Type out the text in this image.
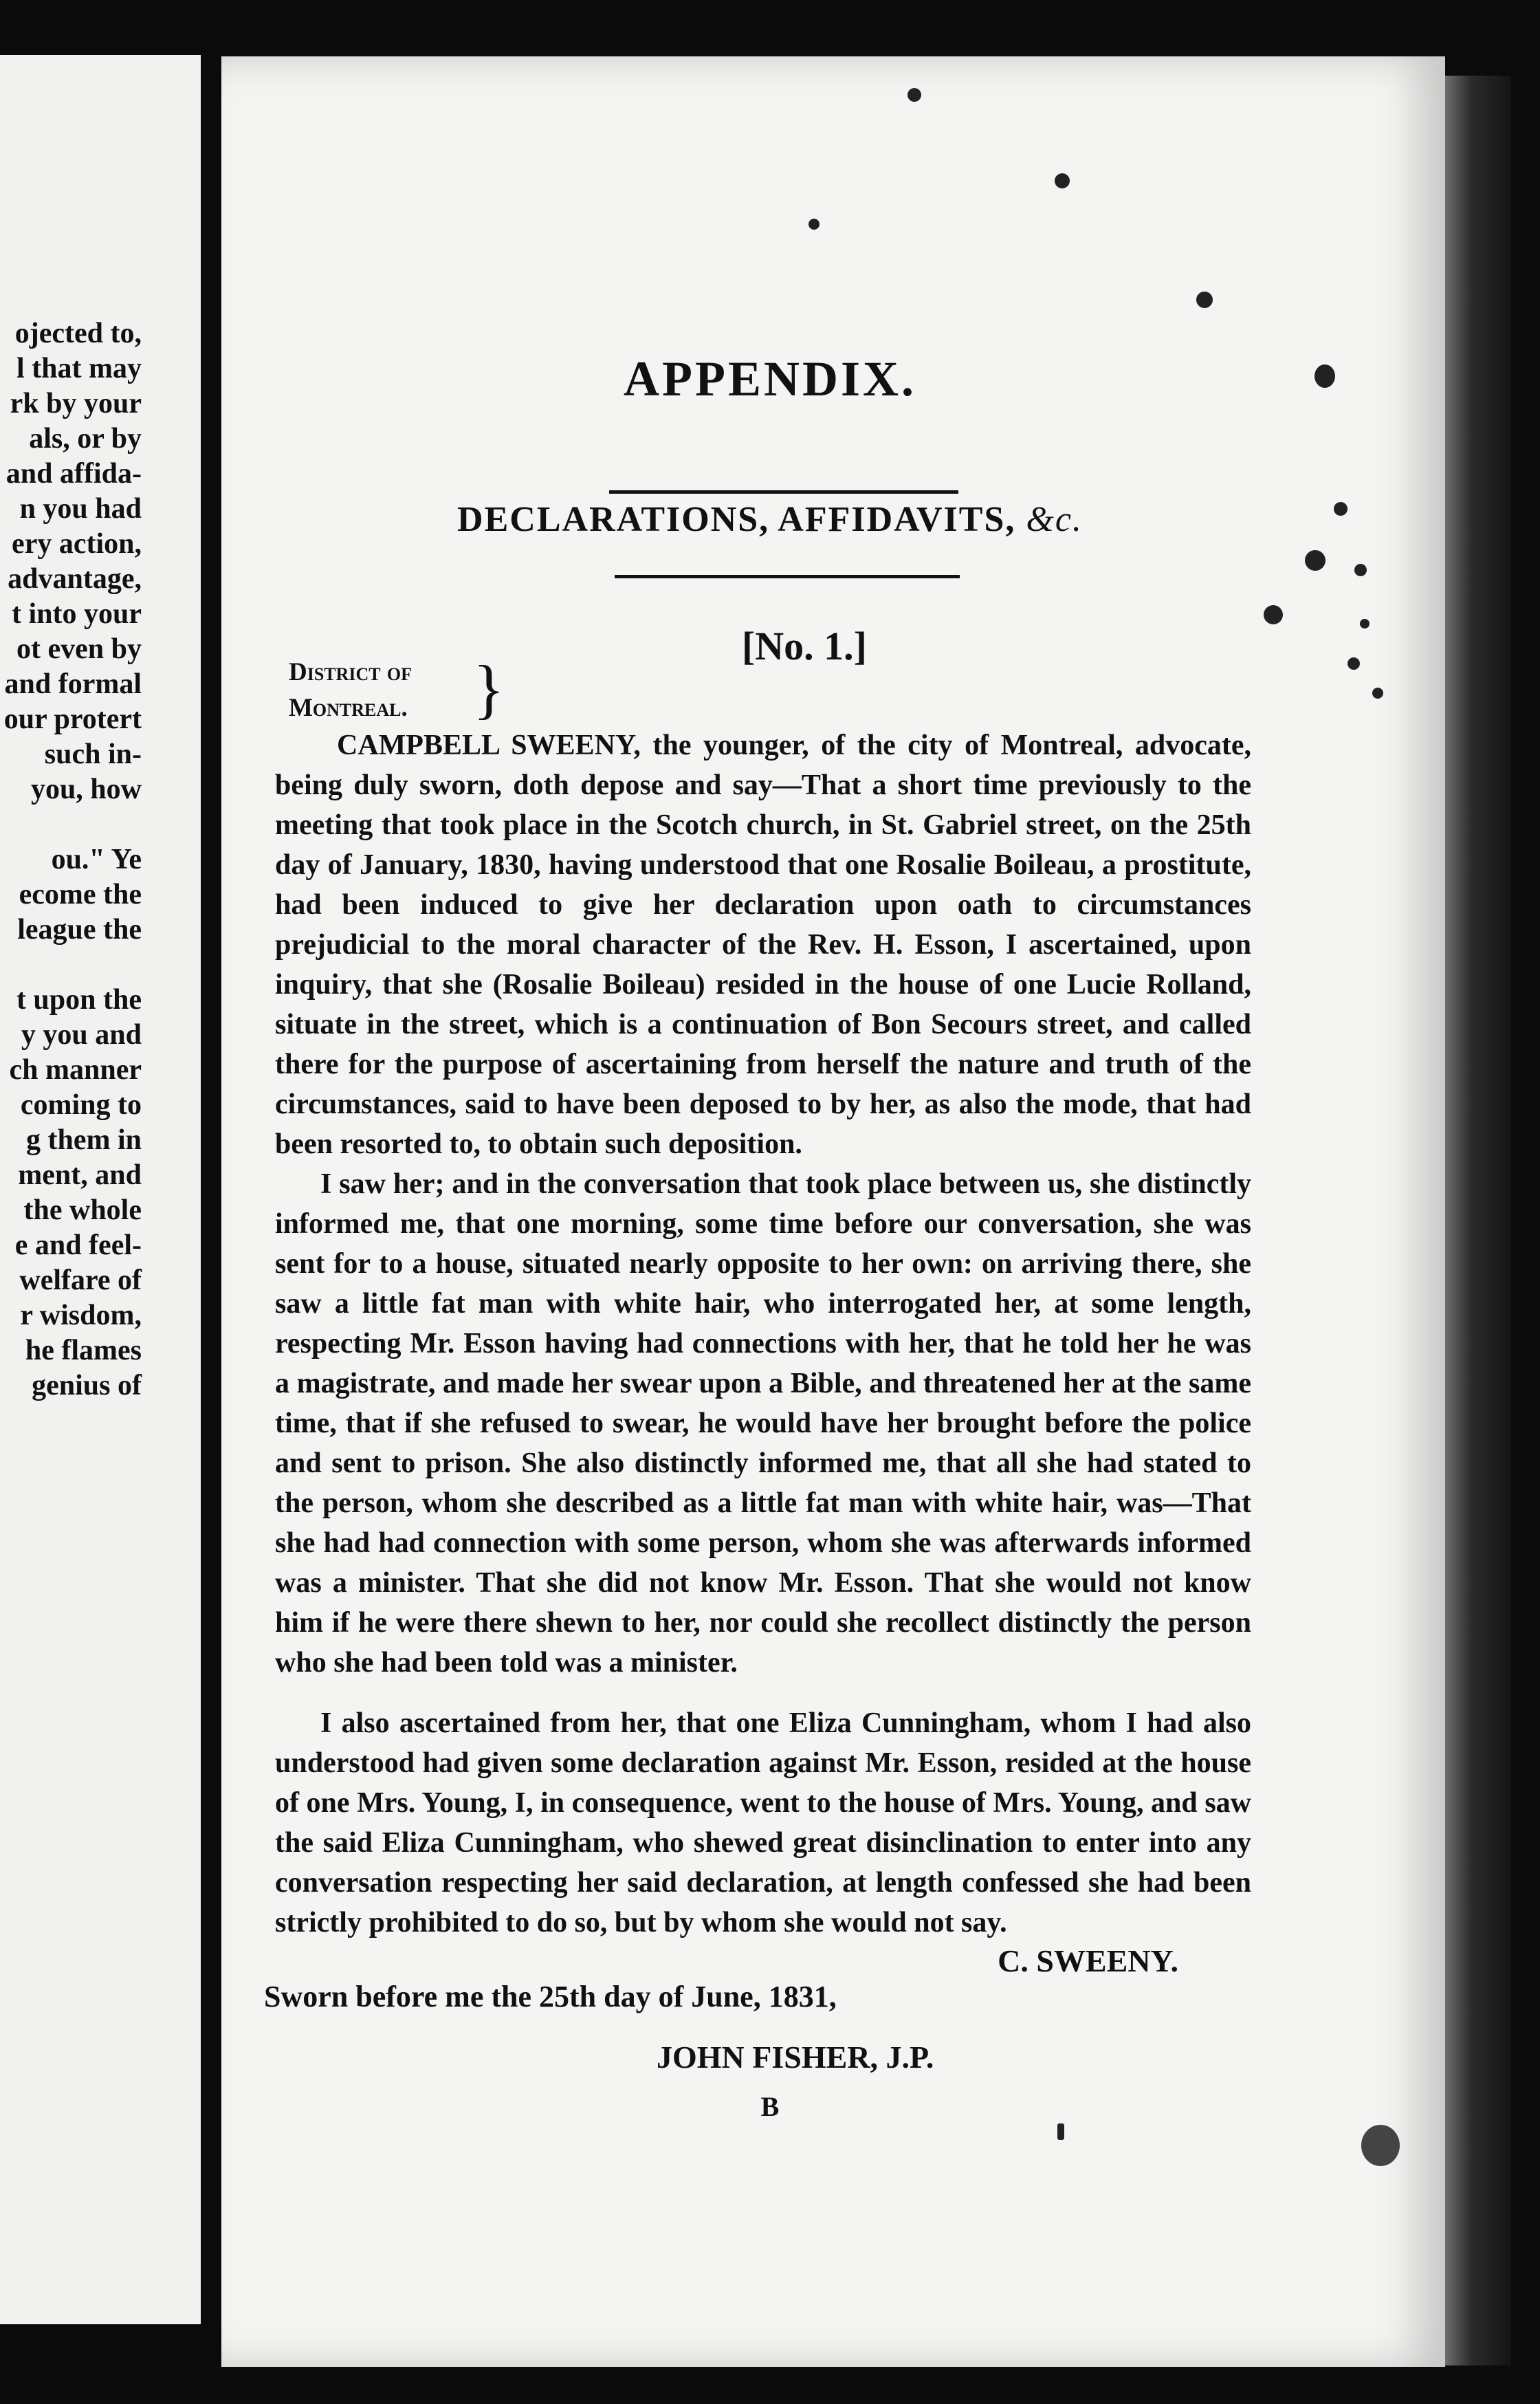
ojected to,
l that may
rk by your
als, or by
and affida-
n you had
ery action,
advantage,
t into your
ot even by
and formal
our protert
such in-
you, how

ou." Ye
ecome the
league the

t upon the
y you and
ch manner
coming to
g them in
ment, and
the whole
e and feel-
welfare of
r wisdom,
he flames
genius of
APPENDIX.
DECLARATIONS, AFFIDAVITS, &c.
[No. 1.]
District of
Montreal. }

CAMPBELL SWEENY, the younger, of the city of Montreal, advocate, being duly sworn, doth depose and say—That a short time previously to the meeting that took place in the Scotch church, in St. Gabriel street, on the 25th day of January, 1830, having understood that one Rosalie Boileau, a prostitute, had been induced to give her declaration upon oath to circumstances prejudicial to the moral character of the Rev. H. Esson, I ascertained, upon inquiry, that she (Rosalie Boileau) resided in the house of one Lucie Rolland, situate in the street, which is a continuation of Bon Secours street, and called there for the purpose of ascertaining from herself the nature and truth of the circumstances, said to have been deposed to by her, as also the mode, that had been resorted to, to obtain such deposition.

I saw her; and in the conversation that took place between us, she distinctly informed me, that one morning, some time before our conversation, she was sent for to a house, situated nearly opposite to her own: on arriving there, she saw a little fat man with white hair, who interrogated her, at some length, respecting Mr. Esson having had connections with her, that he told her he was a magistrate, and made her swear upon a Bible, and threatened her at the same time, that if she refused to swear, he would have her brought before the police and sent to prison. She also distinctly informed me, that all she had stated to the person, whom she described as a little fat man with white hair, was—That she had had connection with some person, whom she was afterwards informed was a minister. That she did not know Mr. Esson. That she would not know him if he were there shewn to her, nor could she recollect distinctly the person who she had been told was a minister.

I also ascertained from her, that one Eliza Cunningham, whom I had also understood had given some declaration against Mr. Esson, resided at the house of one Mrs. Young, I, in consequence, went to the house of Mrs. Young, and saw the said Eliza Cunningham, who shewed great disinclination to enter into any conversation respecting her said declaration, at length confessed she had been strictly prohibited to do so, but by whom she would not say.

C. SWEENY.
Sworn before me the 25th day of June, 1831,
JOHN FISHER, J.P.
B
